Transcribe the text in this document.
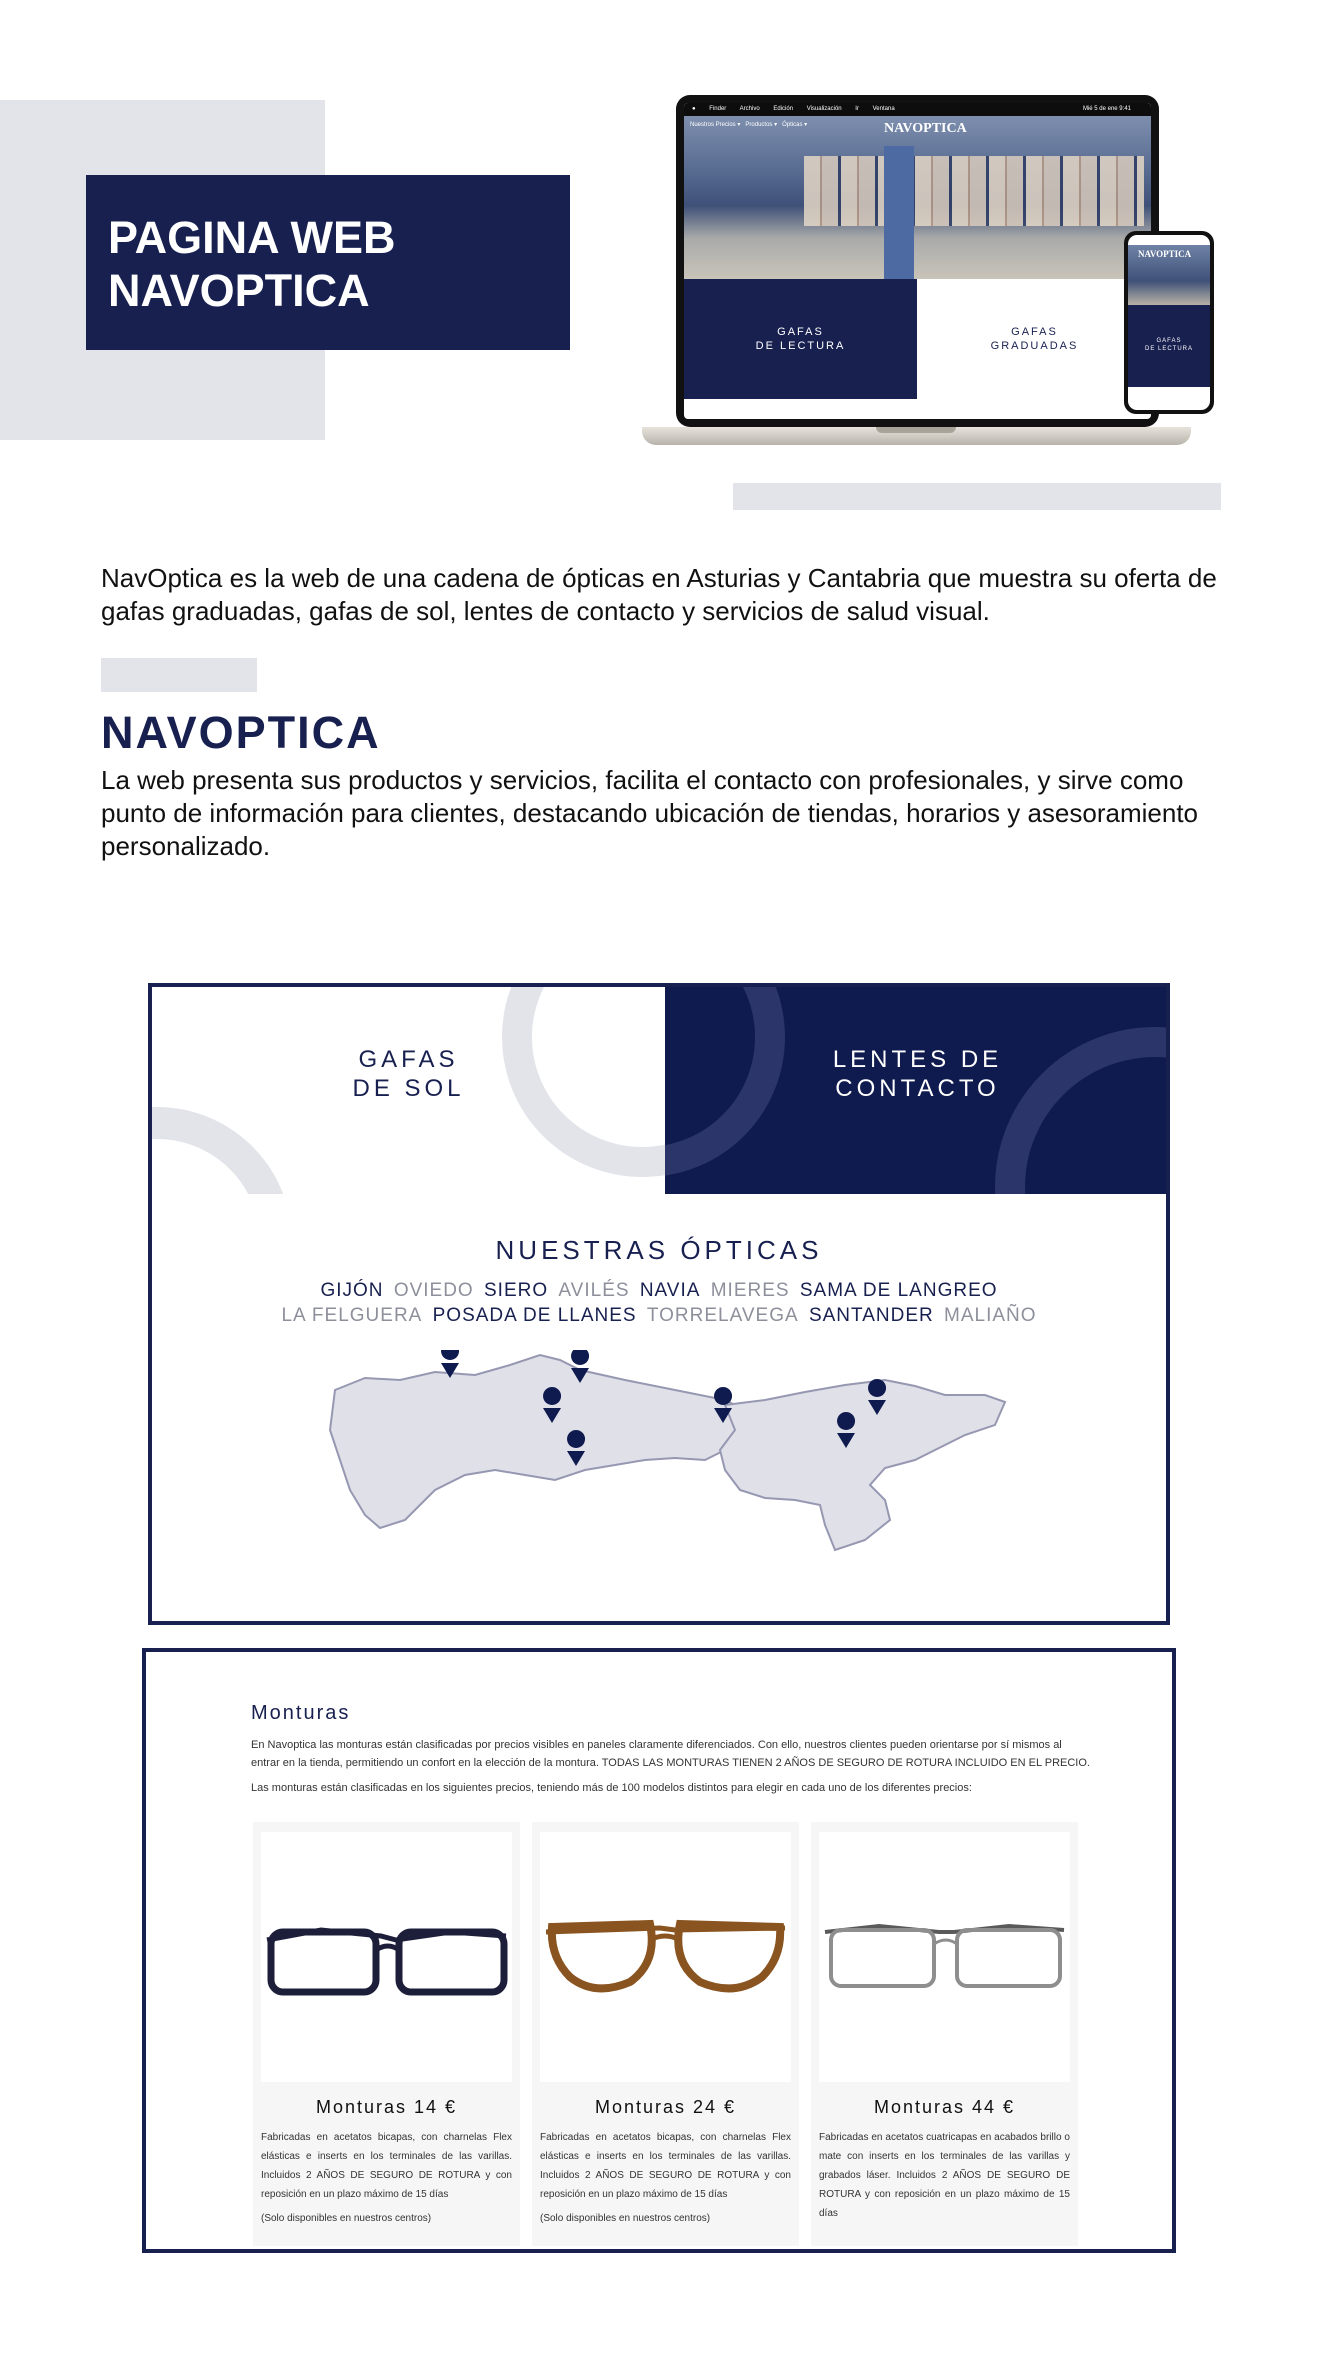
PAGINA WEB
NAVOPTICA
● Finder Archivo Edición Visualización Ir Ventana	Mié 5 de ene 9:41
Nuestros Precios ▾ Productos ▾ Ópticas ▾	NAVOPTICA
GAFAS
DE LECTURA
GAFAS
GRADUADAS
NAVOPTICA
GAFAS
DE LECTURA

NavOptica es la web de una cadena de ópticas en Asturias y Cantabria que muestra su oferta de gafas graduadas, gafas de sol, lentes de contacto y servicios de salud visual.

NAVOPTICA

La web presenta sus productos y servicios, facilita el contacto con profesionales, y sirve como punto de información para clientes, destacando ubicación de tiendas, horarios y asesoramiento personalizado.

GAFAS
DE SOL
LENTES DE
CONTACTO
NUESTRAS ÓPTICAS
GIJÓN OVIEDO SIERO AVILÉS NAVIA MIERES SAMA DE LANGREO
LA FELGUERA POSADA DE LLANES TORRELAVEGA SANTANDER MALIAÑO
Monturas

En Navoptica las monturas están clasificadas por precios visibles en paneles claramente diferenciados. Con ello, nuestros clientes pueden orientarse por sí mismos al entrar en la tienda, permitiendo un confort en la elección de la montura. TODAS LAS MONTURAS TIENEN 2 AÑOS DE SEGURO DE ROTURA INCLUIDO EN EL PRECIO.

Las monturas están clasificadas en los siguientes precios, teniendo más de 100 modelos distintos para elegir en cada uno de los diferentes precios:

Monturas 14 €
Fabricadas en acetatos bicapas, con charnelas Flex elásticas e inserts en los terminales de las varillas. Incluidos 2 AÑOS DE SEGURO DE ROTURA y con reposición en un plazo máximo de 15 días
(Solo disponibles en nuestros centros)
Monturas 24 €
Fabricadas en acetatos bicapas, con charnelas Flex elásticas e inserts en los terminales de las varillas. Incluidos 2 AÑOS DE SEGURO DE ROTURA y con reposición en un plazo máximo de 15 días
(Solo disponibles en nuestros centros)
Monturas 44 €
Fabricadas en acetatos cuatricapas en acabados brillo o mate con inserts en los terminales de las varillas y grabados láser. Incluidos 2 AÑOS DE SEGURO DE ROTURA y con reposición en un plazo máximo de 15 días
